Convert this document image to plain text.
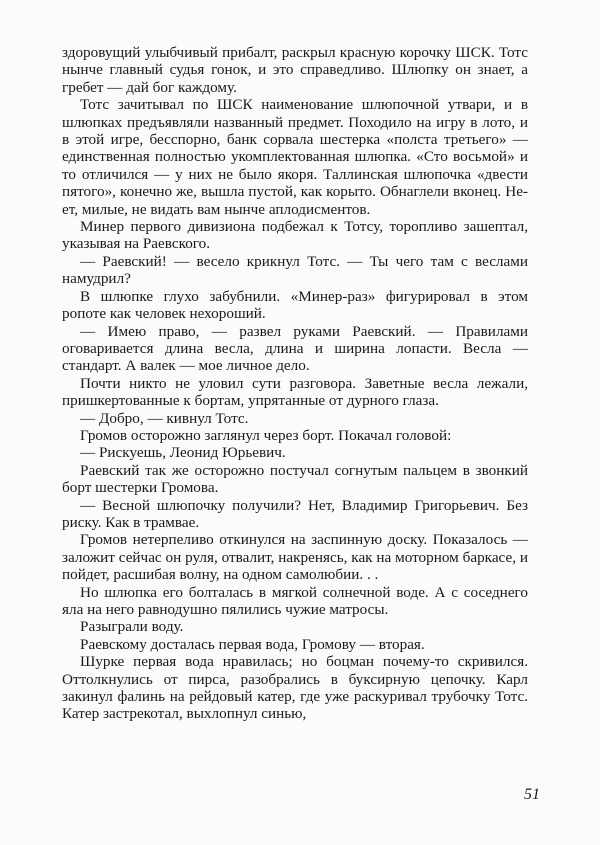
здоровущий улыбчивый прибалт, раскрыл красную корочку ШСК. Тотс нынче главный судья гонок, и это справедливо. Шлюпку он знает, а гребет — дай бог каждому.

Тотс зачитывал по ШСК наименование шлюпочной утвари, и в шлюпках предъявляли названный предмет. Походило на игру в лото, и в этой игре, бесспорно, банк сорвала шестерка «полста третьего» — единственная полностью укомплектованная шлюпка. «Сто восьмой» и то отличился — у них не было якоря. Таллинская шлюпочка «двести пятого», конечно же, вышла пустой, как корыто. Обнаглели вконец. Не-ет, милые, не видать вам нынче аплодисментов.

Минер первого дивизиона подбежал к Тотсу, торопливо зашептал, указывая на Раевского.

— Раевский! — весело крикнул Тотс. — Ты чего там с веслами намудрил?

В шлюпке глухо забубнили. «Минер-раз» фигурировал в этом ропоте как человек нехороший.

— Имею право, — развел руками Раевский. — Правилами оговаривается длина весла, длина и ширина лопасти. Весла — стандарт. А валек — мое личное дело.

Почти никто не уловил сути разговора. Заветные весла лежали, пришкертованные к бортам, упрятанные от дурного глаза.

— Добро, — кивнул Тотс.

Громов осторожно заглянул через борт. Покачал головой:

— Рискуешь, Леонид Юрьевич.

Раевский так же осторожно постучал согнутым пальцем в звонкий борт шестерки Громова.

— Весной шлюпочку получили? Нет, Владимир Григорьевич. Без риску. Как в трамвае.

Громов нетерпеливо откинулся на заспинную доску. Показалось — заложит сейчас он руля, отвалит, накренясь, как на моторном баркасе, и пойдет, расшибая волну, на одном самолюбии. . .

Но шлюпка его болталась в мягкой солнечной воде. А с соседнего яла на него равнодушно пялились чужие матросы.

Разыграли воду.

Раевскому досталась первая вода, Громову — вторая.

Шурке первая вода нравилась; но боцман почему-то скривился. Оттолкнулись от пирса, разобрались в буксирную цепочку. Карл закинул фалинь на рейдовый катер, где уже раскуривал трубочку Тотс. Катер застрекотал, выхлопнул синью,

51
